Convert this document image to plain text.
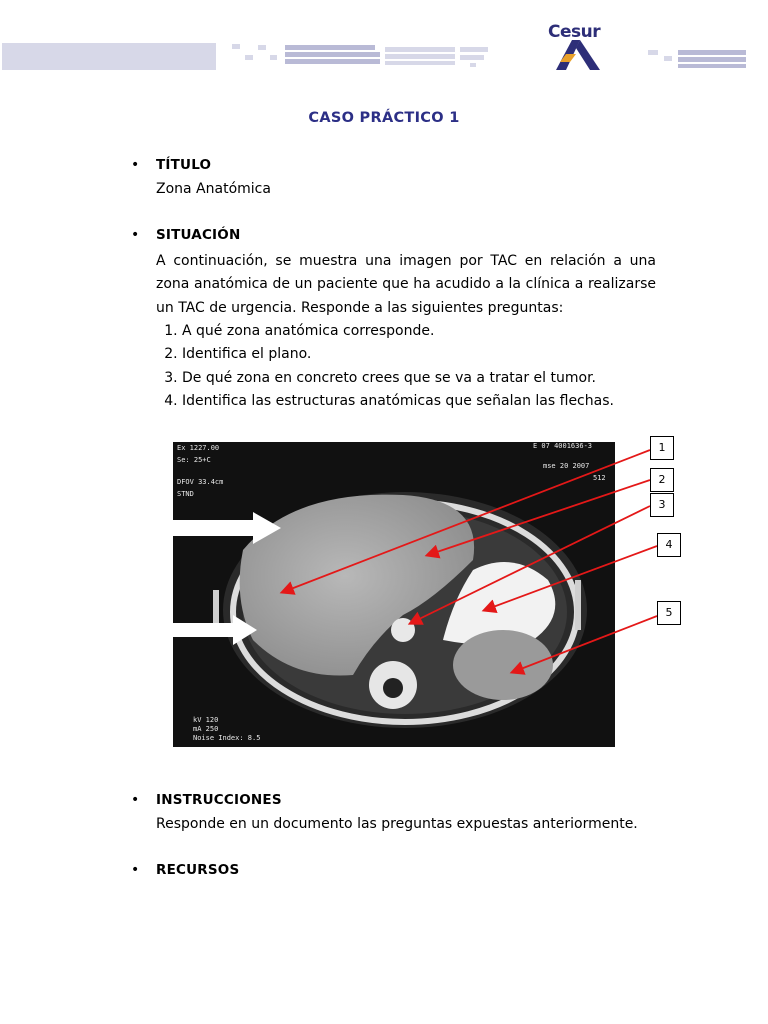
Cesur
CASO PRÁCTICO 1
• TÍTULO
Zona Anatómica
• SITUACIÓN
A continuación, se muestra una imagen por TAC en relación a una zona anatómica de un paciente que ha acudido a la clínica a realizarse un TAC de urgencia. Responde a las siguientes preguntas:
1. A qué zona anatómica corresponde.
2. Identifica el plano.
3. De qué zona en concreto crees que se va a tratar el tumor.
4. Identifica las estructuras anatómicas que señalan las flechas.
Ex 1227.00
Se: 25+C
DFOV 33.4cm
STND
E 07 4001636-3
mse 20 2007
512
kV 120
mA 250
Noise Index: 8.5
1
2
3
4
5
• INSTRUCCIONES
Responde en un documento las preguntas expuestas anteriormente.
• RECURSOS
